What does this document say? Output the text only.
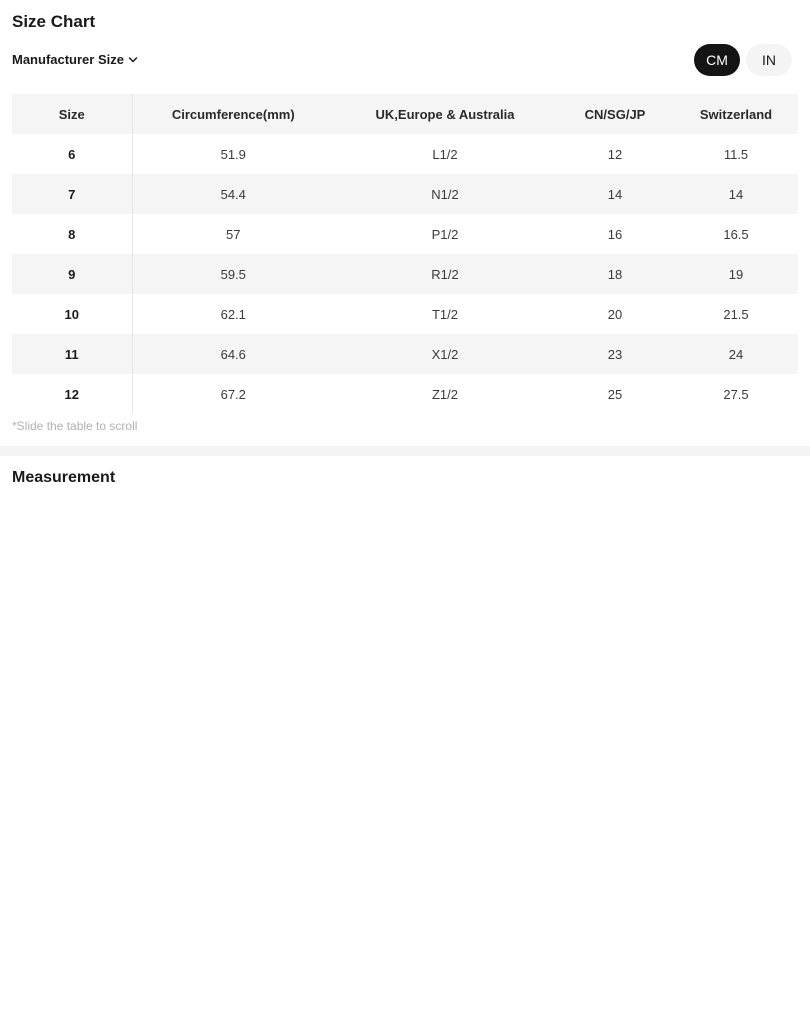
Size Chart
Manufacturer Size	CM	IN
Size	Circumference(mm)	UK,Europe & Australia	CN/SG/JP	Switzerland
6	51.9	L1/2	12	11.5
7	54.4	N1/2	14	14
8	57	P1/2	16	16.5
9	59.5	R1/2	18	19
10	62.1	T1/2	20	21.5
11	64.6	X1/2	23	24
12	67.2	Z1/2	25	27.5
*Slide the table to scroll
Measurement
